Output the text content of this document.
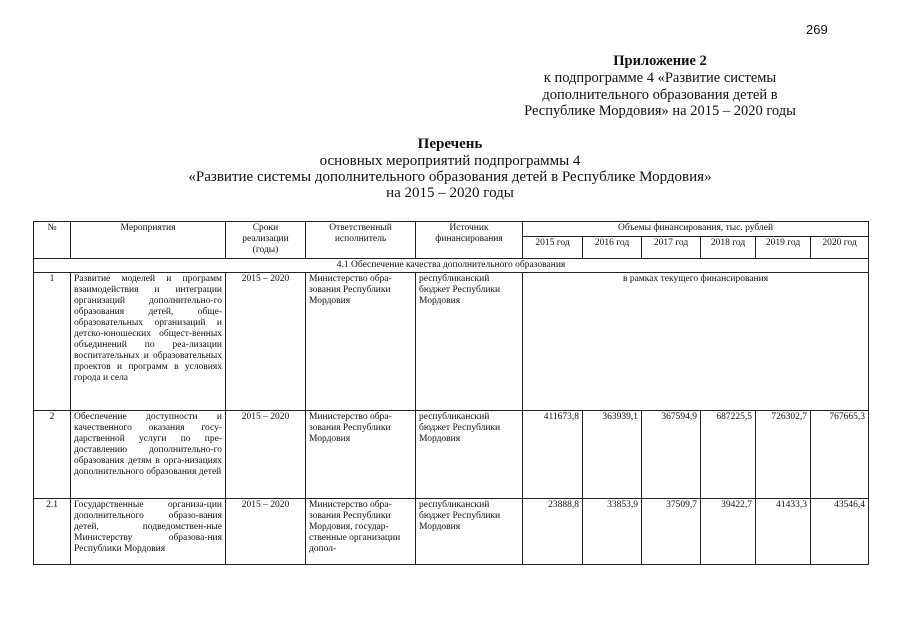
269
Приложение 2
к подпрограмме 4 «Развитие системы
дополнительного образования детей в
Республике Мордовия» на 2015 – 2020 годы
Перечень
основных мероприятий подпрограммы 4
«Развитие системы дополнительного образования детей в Республике Мордовия»
на 2015 – 2020 годы
№	Мероприятия	Сроки реализации (годы)	Ответственный исполнитель	Источник финансирования	Объемы финансирования, тыс. рублей					
					2015 год	2016 год	2017 год	2018 год	2019 год	2020 год
4.1 Обеспечение качества дополнительного образования										
1	Развитие моделей и программ взаимодействия и интеграции организаций дополнительно-го образования детей, обще-образовательных организаций и детско-юношеских общест-венных объединений по реа-лизации воспитательных и образовательных проектов и программ в условиях города и села	2015 – 2020	Министерство обра-зования Республики Мордовия	республиканский бюджет Республики Мордовия	в рамках текущего финансирования					
2	Обеспечение доступности и качественного оказания госу-дарственной услуги по пре-доставлению дополнительно-го образования детям в орга-низациях дополнительного образования детей	2015 – 2020	Министерство обра-зования Республики Мордовия	республиканский бюджет Республики Мордовия	411673,8	363939,1	367594,9	687225,5	726302,7	767665,3
2.1	Государственные организа-ции дополнительного образо-вания детей, подведомствен-ные Министерству образова-ния Республики Мордовия	2015 – 2020	Министерство обра-зования Республики Мордовия, государ-ственные организации допол-	республиканский бюджет Республики Мордовия	23888,8	33853,9	37509,7	39422,7	41433,3	43546,4
